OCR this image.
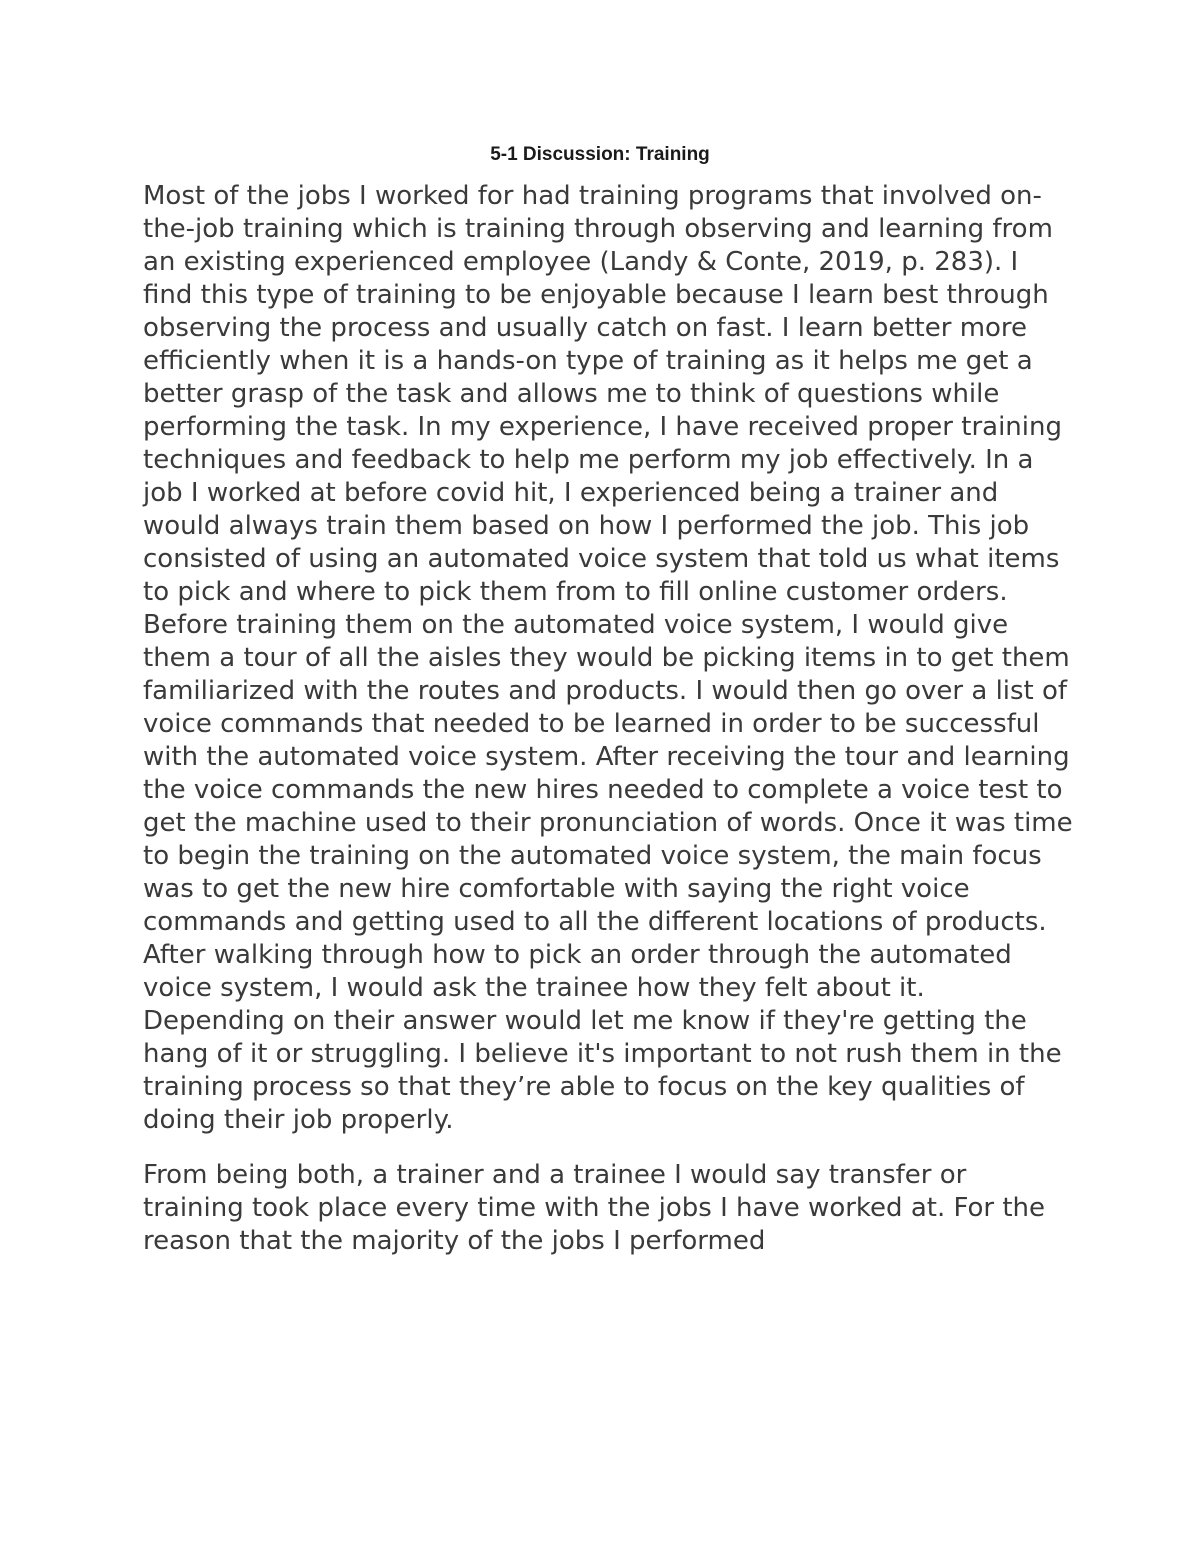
5-1 Discussion: Training

Most of the jobs I worked for had training programs that involved on-the-job training which is training through observing and learning from an existing experienced employee (Landy & Conte, 2019, p. 283). I find this type of training to be enjoyable because I learn best through observing the process and usually catch on fast. I learn better more efficiently when it is a hands-on type of training as it helps me get a better grasp of the task and allows me to think of questions while performing the task. In my experience, I have received proper training techniques and feedback to help me perform my job effectively. In a job I worked at before covid hit, I experienced being a trainer and would always train them based on how I performed the job. This job consisted of using an automated voice system that told us what items to pick and where to pick them from to fill online customer orders. Before training them on the automated voice system, I would give them a tour of all the aisles they would be picking items in to get them familiarized with the routes and products. I would then go over a list of voice commands that needed to be learned in order to be successful with the automated voice system. After receiving the tour and learning the voice commands the new hires needed to complete a voice test to get the machine used to their pronunciation of words. Once it was time to begin the training on the automated voice system, the main focus was to get the new hire comfortable with saying the right voice commands and getting used to all the different locations of products. After walking through how to pick an order through the automated voice system, I would ask the trainee how they felt about it. Depending on their answer would let me know if they're getting the hang of it or struggling. I believe it's important to not rush them in the training process so that they’re able to focus on the key qualities of doing their job properly.

From being both, a trainer and a trainee I would say transfer or training took place every time with the jobs I have worked at. For the reason that the majority of the jobs I performed
